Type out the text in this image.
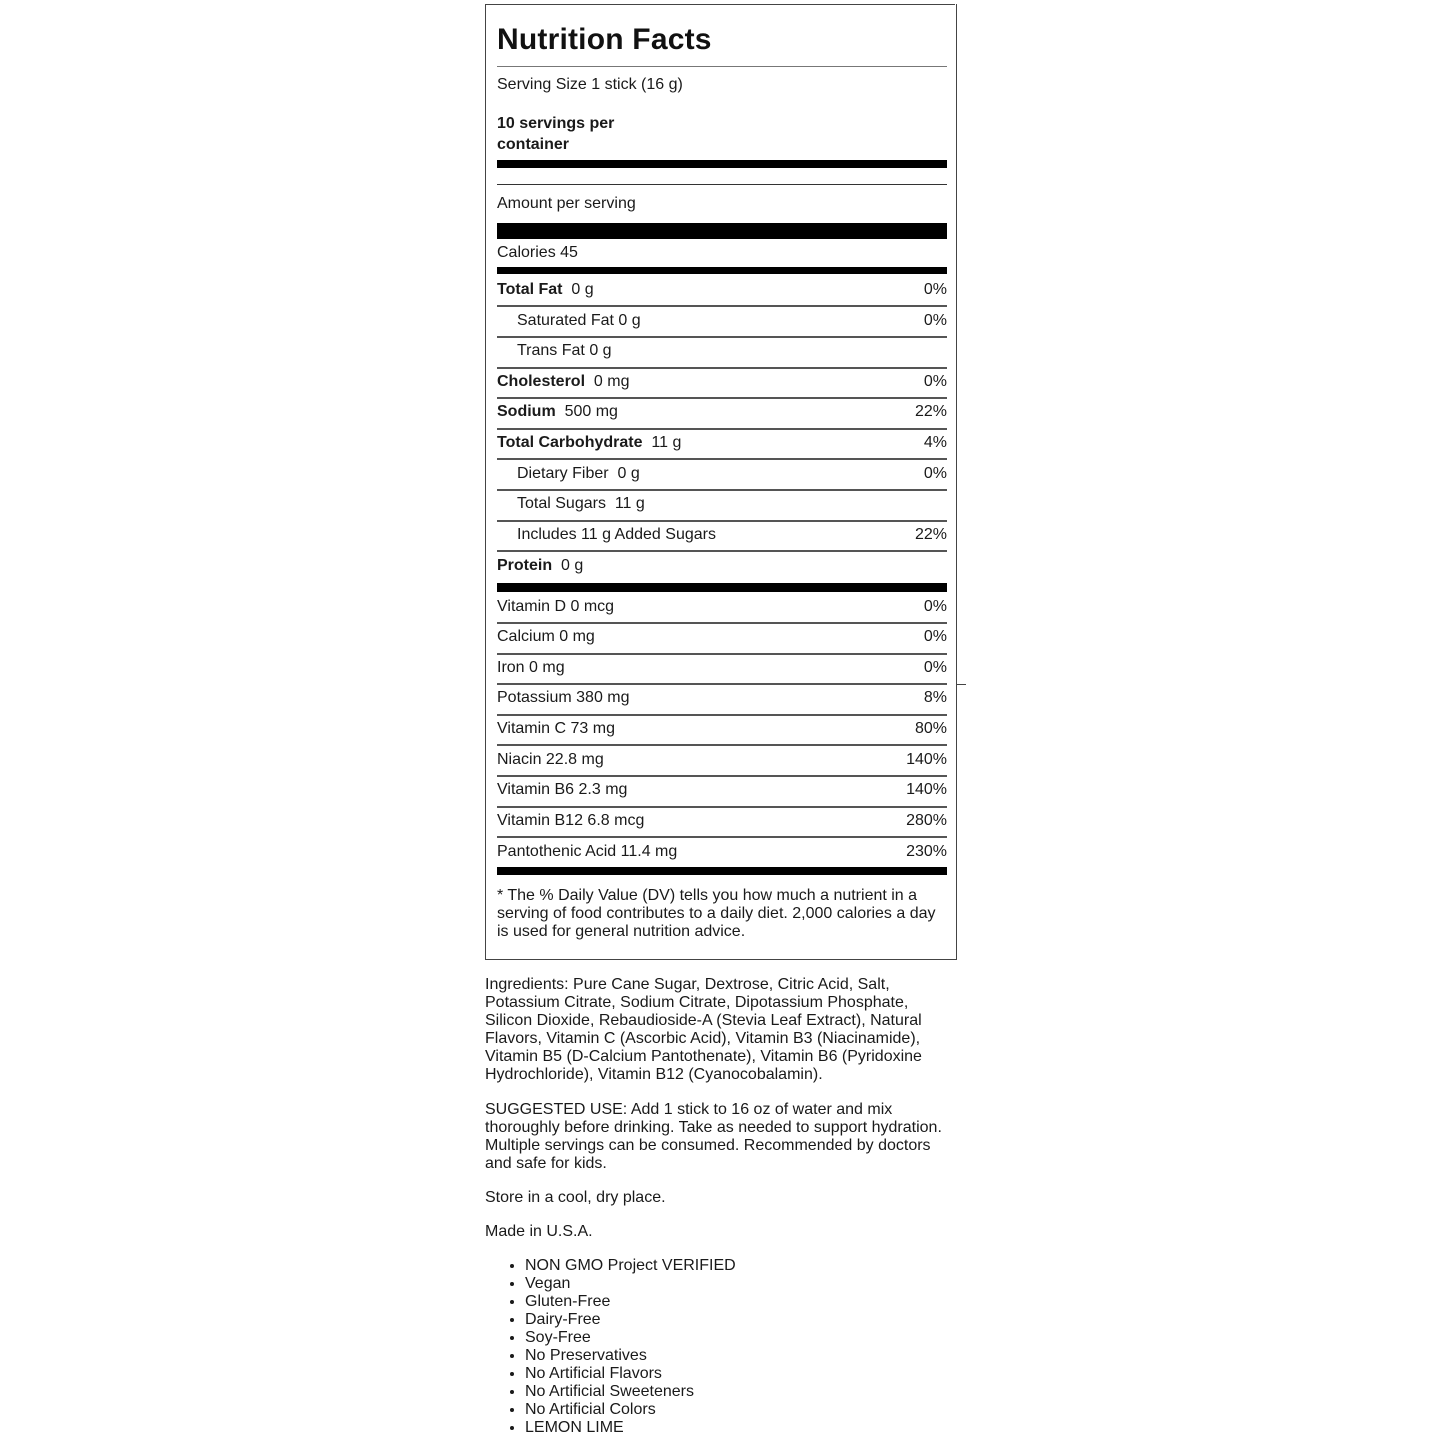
Nutrition Facts
Serving Size 1 stick (16 g)
10 servings per
container
Amount per serving
Calories 45
Total Fat 0 g	0%
Saturated Fat 0 g	0%
Trans Fat 0 g
Cholesterol 0 mg	0%
Sodium 500 mg	22%
Total Carbohydrate 11 g	4%
Dietary Fiber  0 g	0%
Total Sugars  11 g
Includes 11 g Added Sugars	22%
Protein 0 g
Vitamin D 0 mcg	0%
Calcium 0 mg	0%
Iron 0 mg	0%
Potassium 380 mg	8%
Vitamin C 73 mg	80%
Niacin 22.8 mg	140%
Vitamin B6 2.3 mg	140%
Vitamin B12 6.8 mcg	280%
Pantothenic Acid 11.4 mg	230%
* The % Daily Value (DV) tells you how much a nutrient in a serving of food contributes to a daily diet. 2,000 calories a day is used for general nutrition advice.
Ingredients: Pure Cane Sugar, Dextrose, Citric Acid, Salt, Potassium Citrate, Sodium Citrate, Dipotassium Phosphate, Silicon Dioxide, Rebaudioside-A (Stevia Leaf Extract), Natural Flavors, Vitamin C (Ascorbic Acid), Vitamin B3 (Niacinamide), Vitamin B5 (D-Calcium Pantothenate), Vitamin B6 (Pyridoxine Hydrochloride), Vitamin B12 (Cyanocobalamin).
SUGGESTED USE: Add 1 stick to 16 oz of water and mix thoroughly before drinking. Take as needed to support hydration. Multiple servings can be consumed. Recommended by doctors and safe for kids.
Store in a cool, dry place.
Made in U.S.A.
• NON GMO Project VERIFIED
• Vegan
• Gluten-Free
• Dairy-Free
• Soy-Free
• No Preservatives
• No Artificial Flavors
• No Artificial Sweeteners
• No Artificial Colors
• LEMON LIME
